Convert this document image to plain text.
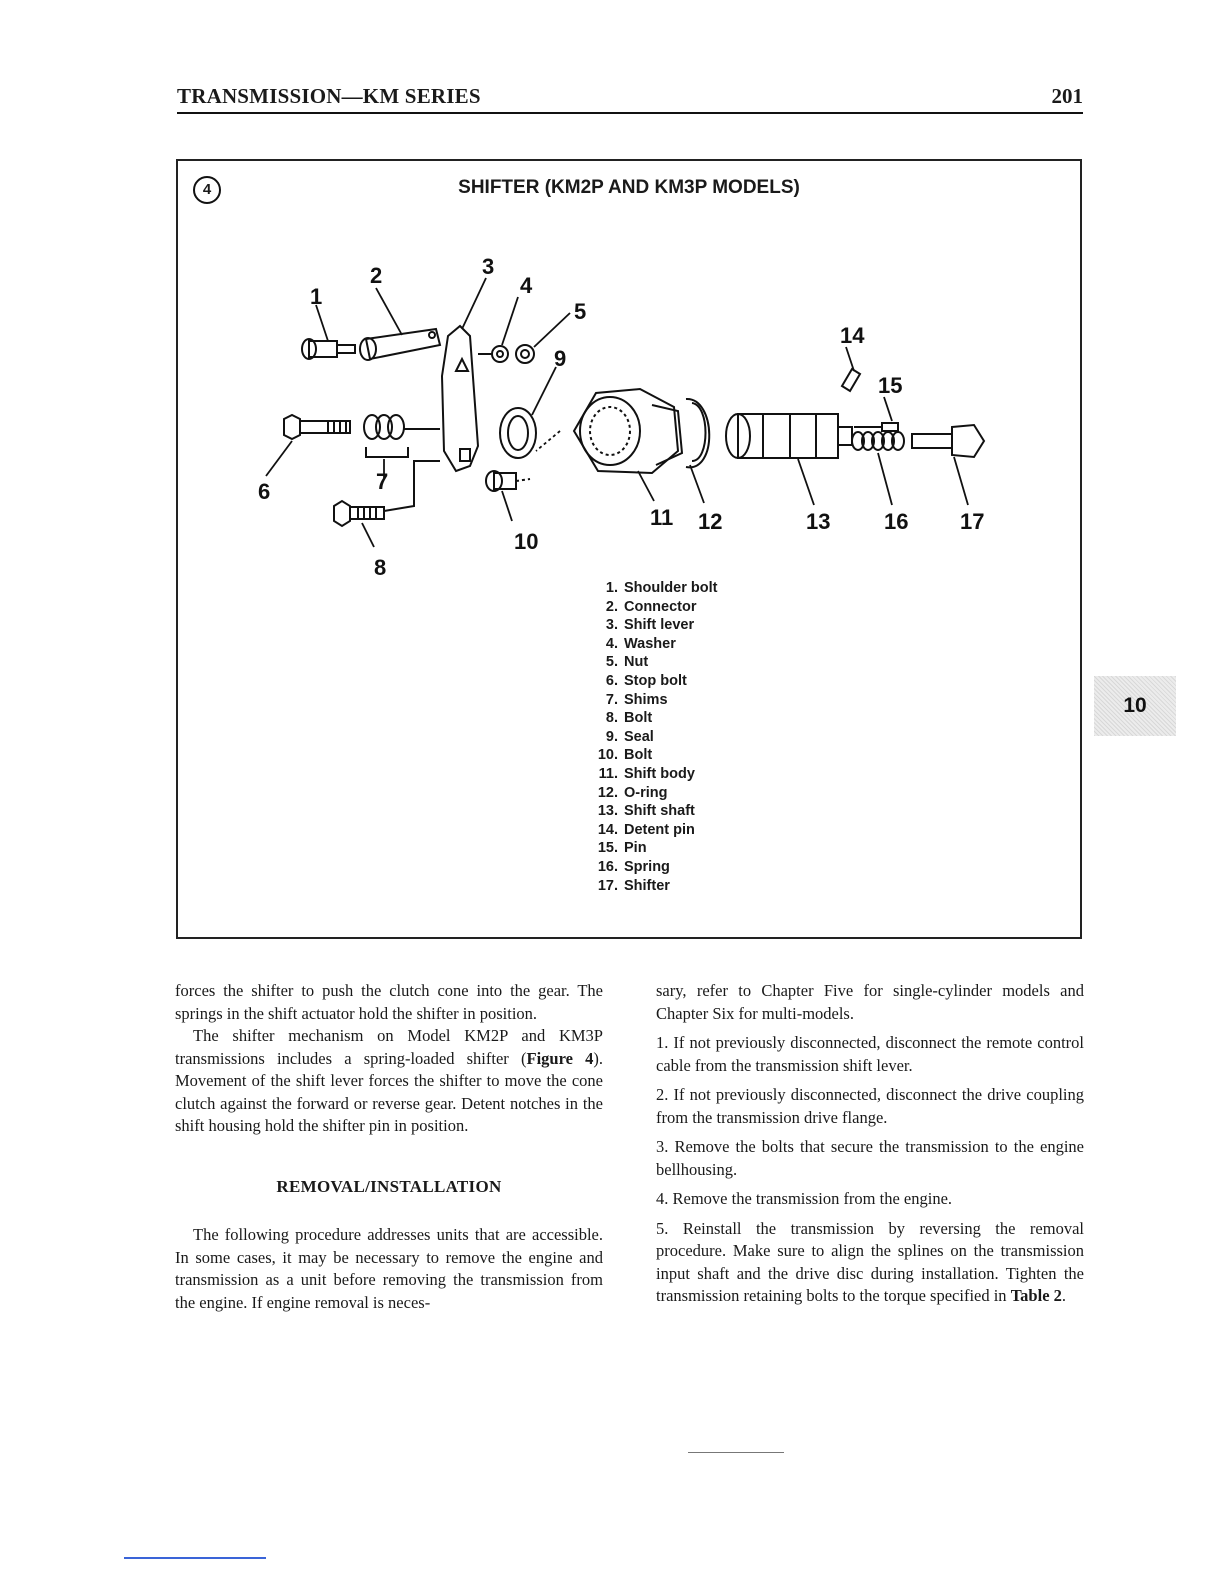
TRANSMISSION—KM SERIES	201
4	SHIFTER (KM2P AND KM3P MODELS)
1
2	3
4
5
6	7
8
9
10
11 12	13
14
15
16 17
1. Shoulder bolt
2. Connector
3. Shift lever
4. Washer
5. Nut
6. Stop bolt
7. Shims
8. Bolt
9. Seal
10. Bolt
11. Shift body
12. O-ring
13. Shift shaft
14. Detent pin
15. Pin
16. Spring
17. Shifter

forces the shifter to push the clutch cone into the gear. The springs in the shift actuator hold the shifter in position.

The shifter mechanism on Model KM2P and KM3P transmissions includes a spring-loaded shifter (Figure 4). Movement of the shift lever forces the shifter to move the cone clutch against the forward or reverse gear. Detent notches in the shift housing hold the shifter pin in position.

REMOVAL/INSTALLATION

The following procedure addresses units that are accessible. In some cases, it may be necessary to remove the engine and transmission as a unit before removing the transmission from the engine. If engine removal is neces-

sary, refer to Chapter Five for single-cylinder models and Chapter Six for multi-models.

1. If not previously disconnected, disconnect the remote control cable from the transmission shift lever.

2. If not previously disconnected, disconnect the drive coupling from the transmission drive flange.

3. Remove the bolts that secure the transmission to the engine bellhousing.

4. Remove the transmission from the engine.

5. Reinstall the transmission by reversing the removal procedure. Make sure to align the splines on the transmission input shaft and the drive disc during installation. Tighten the transmission retaining bolts to the torque specified in Table 2.

10
